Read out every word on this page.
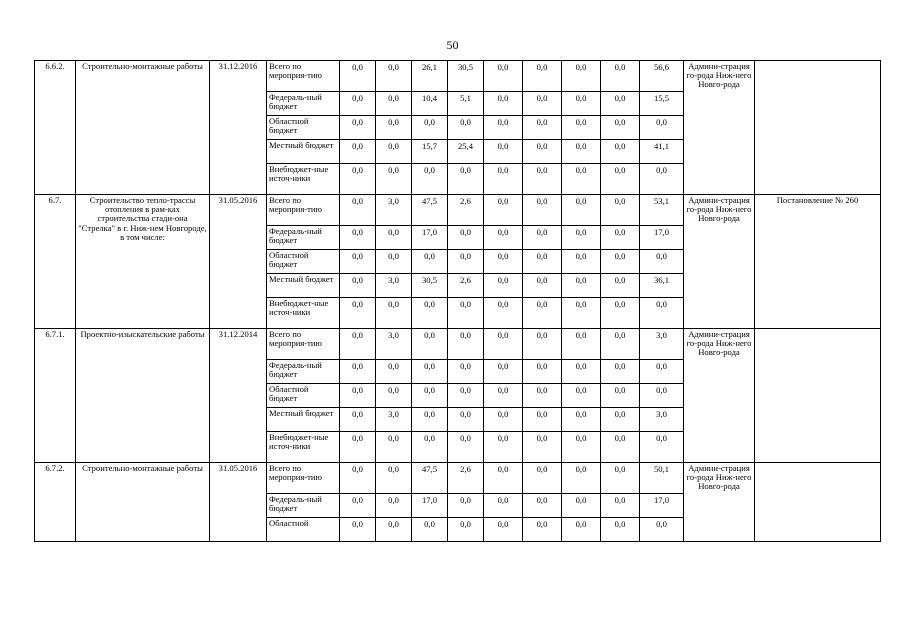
50
6.6.2.	Строительно-монтажные работы	31.12.2016	Всего по мероприя-тию	0,0	0,0	26,1	30,5	0,0	0,0	0,0	0,0	56,6	Админи-страция го-рода Ниж-него Новго-рода	
			Федераль-ный бюджет	0,0	0,0	10,4	5,1	0,0	0,0	0,0	0,0	15,5		
			Областной бюджет	0,0	0,0	0,0	0,0	0,0	0,0	0,0	0,0	0,0		
			Местный бюджет	0,0	0,0	15,7	25,4	0,0	0,0	0,0	0,0	41,1		
			Внебюджет-ные источ-ники	0,0	0,0	0,0	0,0	0,0	0,0	0,0	0,0	0,0		
6.7.	Строительство тепло-трассы отопления в рам-ках строительства стади-она "Стрелка" в г. Ниж-нем Новгороде, в том числе:	31.05.2016	Всего по мероприя-тию	0,0	3,0	47,5	2,6	0,0	0,0	0,0	0,0	53,1	Админи-страция го-рода Ниж-него Новго-рода	Постановление № 260
			Федераль-ный бюджет	0,0	0,0	17,0	0,0	0,0	0,0	0,0	0,0	17,0		
			Областной бюджет	0,0	0,0	0,0	0,0	0,0	0,0	0,0	0,0	0,0		
			Местный бюджет	0,0	3,0	30,5	2,6	0,0	0,0	0,0	0,0	36,1		
			Внебюджет-ные источ-ники	0,0	0,0	0,0	0,0	0,0	0,0	0,0	0,0	0,0		
6.7.1.	Проектно-изыскательские работы	31.12.2014	Всего по мероприя-тию	0,0	3,0	0,0	0,0	0,0	0,0	0,0	0,0	3,0	Админи-страция го-рода Ниж-него Новго-рода	
			Федераль-ный бюджет	0,0	0,0	0,0	0,0	0,0	0,0	0,0	0,0	0,0		
			Областной бюджет	0,0	0,0	0,0	0,0	0,0	0,0	0,0	0,0	0,0		
			Местный бюджет	0,0	3,0	0,0	0,0	0,0	0,0	0,0	0,0	3,0		
			Внебюджет-ные источ-ники	0,0	0,0	0,0	0,0	0,0	0,0	0,0	0,0	0,0		
6.7.2.	Строительно-монтажные работы	31.05.2016	Всего по мероприя-тию	0,0	0,0	47,5	2,6	0,0	0,0	0,0	0,0	50,1	Админи-страция го-рода Ниж-него Новго-рода	
			Федераль-ный бюджет	0,0	0,0	17,0	0,0	0,0	0,0	0,0	0,0	17,0		
			Областной	0,0	0,0	0,0	0,0	0,0	0,0	0,0	0,0	0,0		
